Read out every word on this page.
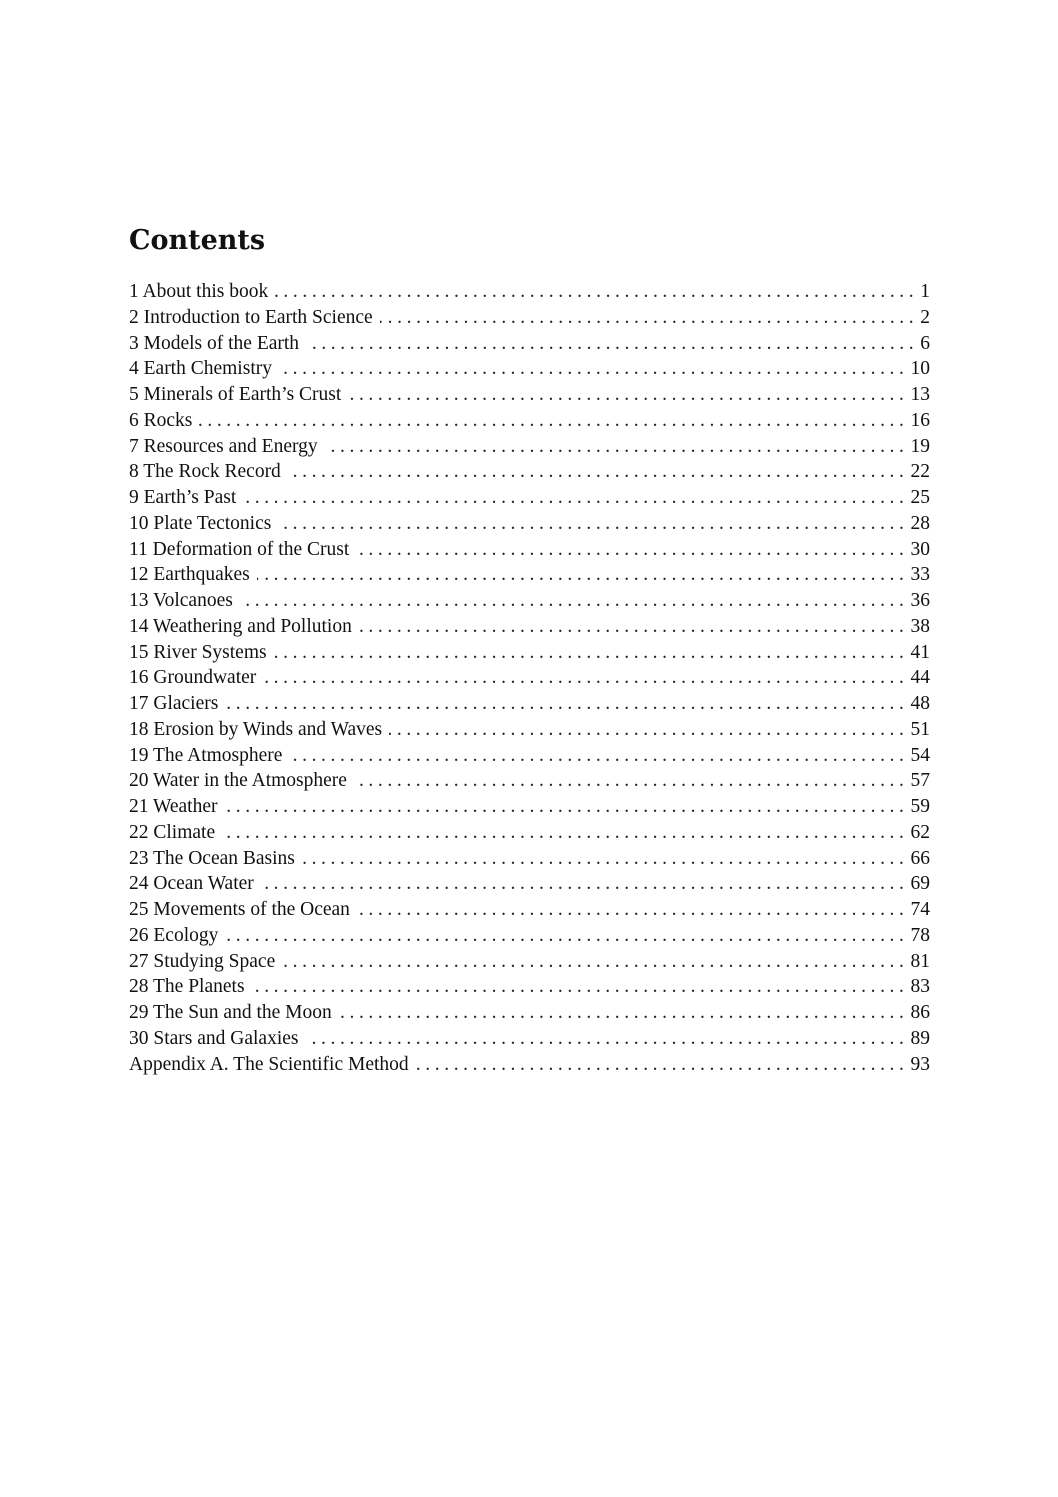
Contents
1 About this book .....	1
2 Introduction to Earth Science .....	2
3 Models of the Earth .....	6
4 Earth Chemistry .....	10
5 Minerals of Earth’s Crust .....	13
6 Rocks .....	16
7 Resources and Energy .....	19
8 The Rock Record .....	22
9 Earth’s Past .....	25
10 Plate Tectonics .....	28
11 Deformation of the Crust .....	30
12 Earthquakes .....	33
13 Volcanoes .....	36
14 Weathering and Pollution .....	38
15 River Systems .....	41
16 Groundwater .....	44
17 Glaciers .....	48
18 Erosion by Winds and Waves .....	51
19 The Atmosphere .....	54
20 Water in the Atmosphere .....	57
21 Weather .....	59
22 Climate .....	62
23 The Ocean Basins .....	66
24 Ocean Water .....	69
25 Movements of the Ocean .....	74
26 Ecology .....	78
27 Studying Space .....	81
28 The Planets .....	83
29 The Sun and the Moon .....	86
30 Stars and Galaxies .....	89
Appendix A. The Scientific Method .....	93
